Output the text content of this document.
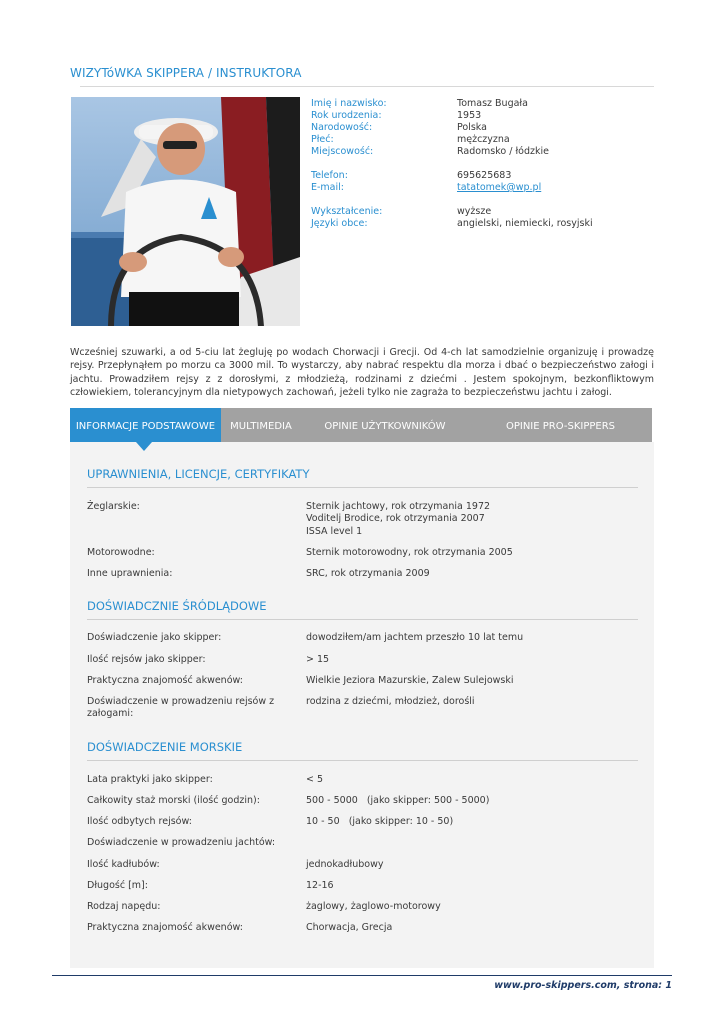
WIZYTóWKA SKIPPERA / INSTRUKTORA
Imię i nazwisko:	Tomasz Bugała
Rok urodzenia:	1953
Narodowość:	Polska
Płeć:	mężczyzna
Miejscowość:	Radomsko / łódzkie
Telefon:	695625683
E-mail:	tatatomek@wp.pl
Wykształcenie:	wyższe
Języki obce:	angielski, niemiecki, rosyjski
Wcześniej szuwarki, a od 5-ciu lat żegluję po wodach Chorwacji i Grecji. Od 4-ch lat samodzielnie organizuję i prowadzę rejsy. Przepłynąłem po morzu ca 3000 mil. To wystarczy, aby nabrać respektu dla morza i dbać o bezpieczeństwo załogi i jachtu. Prowadziłem rejsy z z dorosłymi, z młodzieżą, rodzinami z dziećmi . Jestem spokojnym, bezkonfliktowym człowiekiem, tolerancyjnym dla nietypowych zachowań, jeżeli tylko nie zagraża to bezpieczeństwu jachtu i załogi.
INFORMACJE PODSTAWOWE	MULTIMEDIA	OPINIE UŻYTKOWNIKÓW	OPINIE PRO-SKIPPERS
UPRAWNIENIA, LICENCJE, CERTYFIKATY
Żeglarskie:	Sternik jachtowy, rok otrzymania 1972
Voditelj Brodice, rok otrzymania 2007
ISSA level 1
Motorowodne:	Sternik motorowodny, rok otrzymania 2005
Inne uprawnienia:	SRC, rok otrzymania 2009
DOŚWIADCZNIE ŚRÓDLĄDOWE
Doświadczenie jako skipper:	dowodziłem/am jachtem przeszło 10 lat temu
Ilość rejsów jako skipper:	> 15
Praktyczna znajomość akwenów:	Wielkie Jeziora Mazurskie, Zalew Sulejowski
Doświadczenie w prowadzeniu rejsów z załogami:
rodzina z dziećmi, młodzież, dorośli
DOŚWIADCZENIE MORSKIE
Lata praktyki jako skipper:	< 5
Całkowity staż morski (ilość godzin):	500 - 5000   (jako skipper: 500 - 5000)
Ilość odbytych rejsów:	10 - 50   (jako skipper: 10 - 50)
Doświadczenie w prowadzeniu jachtów:
Ilość kadłubów:	jednokadłubowy
Długość [m]:	12-16
Rodzaj napędu:	żaglowy, żaglowo-motorowy
Praktyczna znajomość akwenów:	Chorwacja, Grecja
www.pro-skippers.com, strona: 1
